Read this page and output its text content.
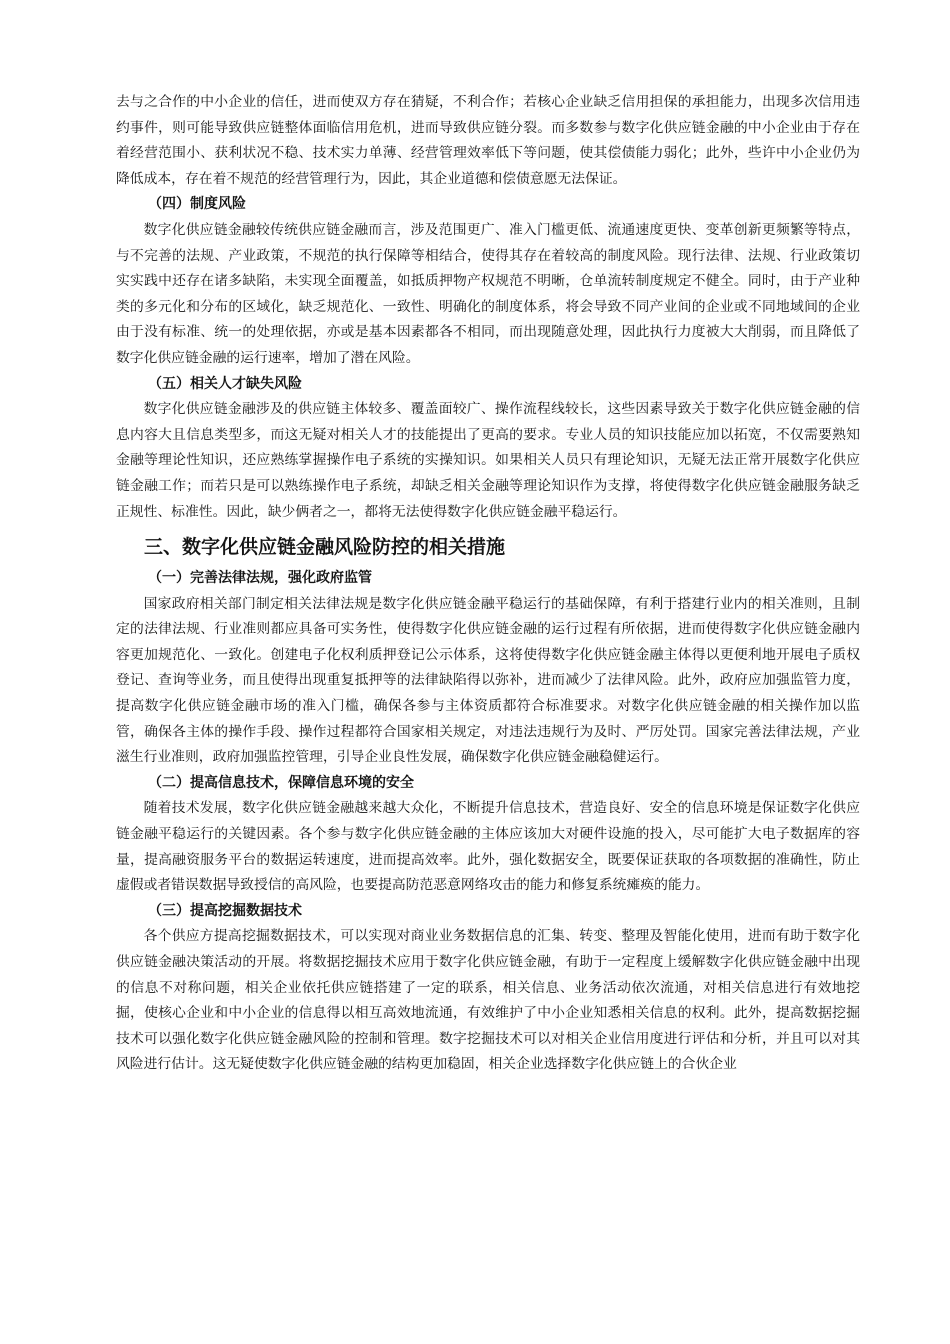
去与之合作的中小企业的信任，进而使双方存在猜疑，不利合作；若核心企业缺乏信用担保的承担能力，出现多次信用违约事件，则可能导致供应链整体面临信用危机，进而导致供应链分裂。而多数参与数字化供应链金融的中小企业由于存在着经营范围小、获利状况不稳、技术实力单薄、经营管理效率低下等问题，使其偿债能力弱化；此外，些许中小企业仍为降低成本，存在着不规范的经营管理行为，因此，其企业道德和偿债意愿无法保证。

（四）制度风险

数字化供应链金融较传统供应链金融而言，涉及范围更广、准入门槛更低、流通速度更快、变革创新更频繁等特点，与不完善的法规、产业政策，不规范的执行保障等相结合，使得其存在着较高的制度风险。现行法律、法规、行业政策切实实践中还存在诸多缺陷，未实现全面覆盖，如抵质押物产权规范不明晰，仓单流转制度规定不健全。同时，由于产业种类的多元化和分布的区域化，缺乏规范化、一致性、明确化的制度体系，将会导致不同产业间的企业或不同地域间的企业由于没有标准、统一的处理依据，亦或是基本因素都各不相同，而出现随意处理，因此执行力度被大大削弱，而且降低了数字化供应链金融的运行速率，增加了潜在风险。

（五）相关人才缺失风险

数字化供应链金融涉及的供应链主体较多、覆盖面较广、操作流程线较长，这些因素导致关于数字化供应链金融的信息内容大且信息类型多，而这无疑对相关人才的技能提出了更高的要求。专业人员的知识技能应加以拓宽，不仅需要熟知金融等理论性知识，还应熟练掌握操作电子系统的实操知识。如果相关人员只有理论知识，无疑无法正常开展数字化供应链金融工作；而若只是可以熟练操作电子系统，却缺乏相关金融等理论知识作为支撑，将使得数字化供应链金融服务缺乏正规性、标准性。因此，缺少俩者之一，都将无法使得数字化供应链金融平稳运行。

三、数字化供应链金融风险防控的相关措施

（一）完善法律法规，强化政府监管

国家政府相关部门制定相关法律法规是数字化供应链金融平稳运行的基础保障，有利于搭建行业内的相关准则，且制定的法律法规、行业准则都应具备可实务性，使得数字化供应链金融的运行过程有所依据，进而使得数字化供应链金融内容更加规范化、一致化。创建电子化权利质押登记公示体系，这将使得数字化供应链金融主体得以更便利地开展电子质权登记、查询等业务，而且使得出现重复抵押等的法律缺陷得以弥补，进而减少了法律风险。此外，政府应加强监管力度，提高数字化供应链金融市场的准入门槛，确保各参与主体资质都符合标准要求。对数字化供应链金融的相关操作加以监管，确保各主体的操作手段、操作过程都符合国家相关规定，对违法违规行为及时、严厉处罚。国家完善法律法规，产业滋生行业准则，政府加强监控管理，引导企业良性发展，确保数字化供应链金融稳健运行。

（二）提高信息技术，保障信息环境的安全

随着技术发展，数字化供应链金融越来越大众化，不断提升信息技术，营造良好、安全的信息环境是保证数字化供应链金融平稳运行的关键因素。各个参与数字化供应链金融的主体应该加大对硬件设施的投入，尽可能扩大电子数据库的容量，提高融资服务平台的数据运转速度，进而提高效率。此外，强化数据安全，既要保证获取的各项数据的准确性，防止虚假或者错误数据导致授信的高风险，也要提高防范恶意网络攻击的能力和修复系统瘫痪的能力。

（三）提高挖掘数据技术

各个供应方提高挖掘数据技术，可以实现对商业业务数据信息的汇集、转变、整理及智能化使用，进而有助于数字化供应链金融决策活动的开展。将数据挖掘技术应用于数字化供应链金融，有助于一定程度上缓解数字化供应链金融中出现的信息不对称问题，相关企业依托供应链搭建了一定的联系，相关信息、业务活动依次流通，对相关信息进行有效地挖掘，使核心企业和中小企业的信息得以相互高效地流通，有效维护了中小企业知悉相关信息的权利。此外，提高数据挖掘技术可以强化数字化供应链金融风险的控制和管理。数字挖掘技术可以对相关企业信用度进行评估和分析，并且可以对其风险进行估计。这无疑使数字化供应链金融的结构更加稳固，相关企业选择数字化供应链上的合伙企业
